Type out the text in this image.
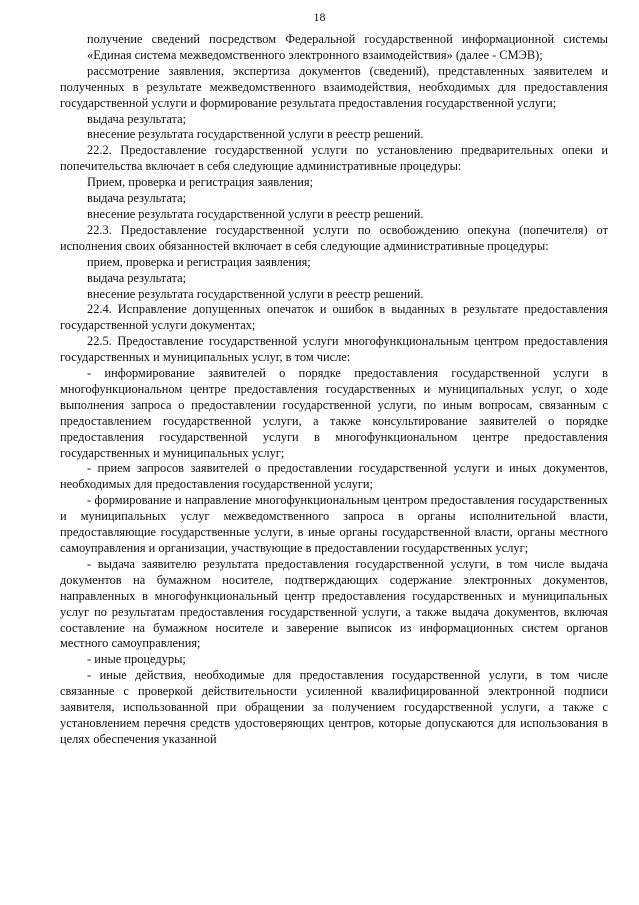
18

получение сведений посредством Федеральной государственной информационной системы «Единая система межведомственного электронного взаимодействия» (далее - СМЭВ);

рассмотрение заявления, экспертиза документов (сведений), представленных заявителем и полученных в результате межведомственного взаимодействия, необходимых для предоставления государственной услуги и формирование результата предоставления государственной услуги;

выдача результата;

внесение результата государственной услуги в реестр решений.

22.2. Предоставление государственной услуги по установлению предварительных опеки и попечительства включает в себя следующие административные процедуры:

Прием, проверка и регистрация заявления;

выдача результата;

внесение результата государственной услуги в реестр решений.

22.3. Предоставление государственной услуги по освобождению опекуна (попечителя) от исполнения своих обязанностей включает в себя следующие административные процедуры:

прием, проверка и регистрация заявления;

выдача результата;

внесение результата государственной услуги в реестр решений.

22.4. Исправление допущенных опечаток и ошибок в выданных в результате предоставления государственной услуги документах;

22.5. Предоставление государственной услуги многофункциональным центром предоставления государственных и муниципальных услуг, в том числе:

- информирование заявителей о порядке предоставления государственной услуги в многофункциональном центре предоставления государственных и муниципальных услуг, о ходе выполнения запроса о предоставлении государственной услуги, по иным вопросам, связанным с предоставлением государственной услуги, а также консультирование заявителей о порядке предоставления государственной услуги в многофункциональном центре предоставления государственных и муниципальных услуг;

- прием запросов заявителей о предоставлении государственной услуги и иных документов, необходимых для предоставления государственной услуги;

- формирование и направление многофункциональным центром предоставления государственных и муниципальных услуг межведомственного запроса в органы исполнительной власти, предоставляющие государственные услуги, в иные органы государственной власти, органы местного самоуправления и организации, участвующие в предоставлении государственных услуг;

- выдача заявителю результата предоставления государственной услуги, в том числе выдача документов на бумажном носителе, подтверждающих содержание электронных документов, направленных в многофункциональный центр предоставления государственных и муниципальных услуг по результатам предоставления государственной услуги, а также выдача документов, включая составление на бумажном носителе и заверение выписок из информационных систем органов местного самоуправления;

- иные процедуры;

- иные действия, необходимые для предоставления государственной услуги, в том числе связанные с проверкой действительности усиленной квалифицированной электронной подписи заявителя, использованной при обращении за получением государственной услуги, а также с установлением перечня средств удостоверяющих центров, которые допускаются для использования в целях обеспечения указанной
